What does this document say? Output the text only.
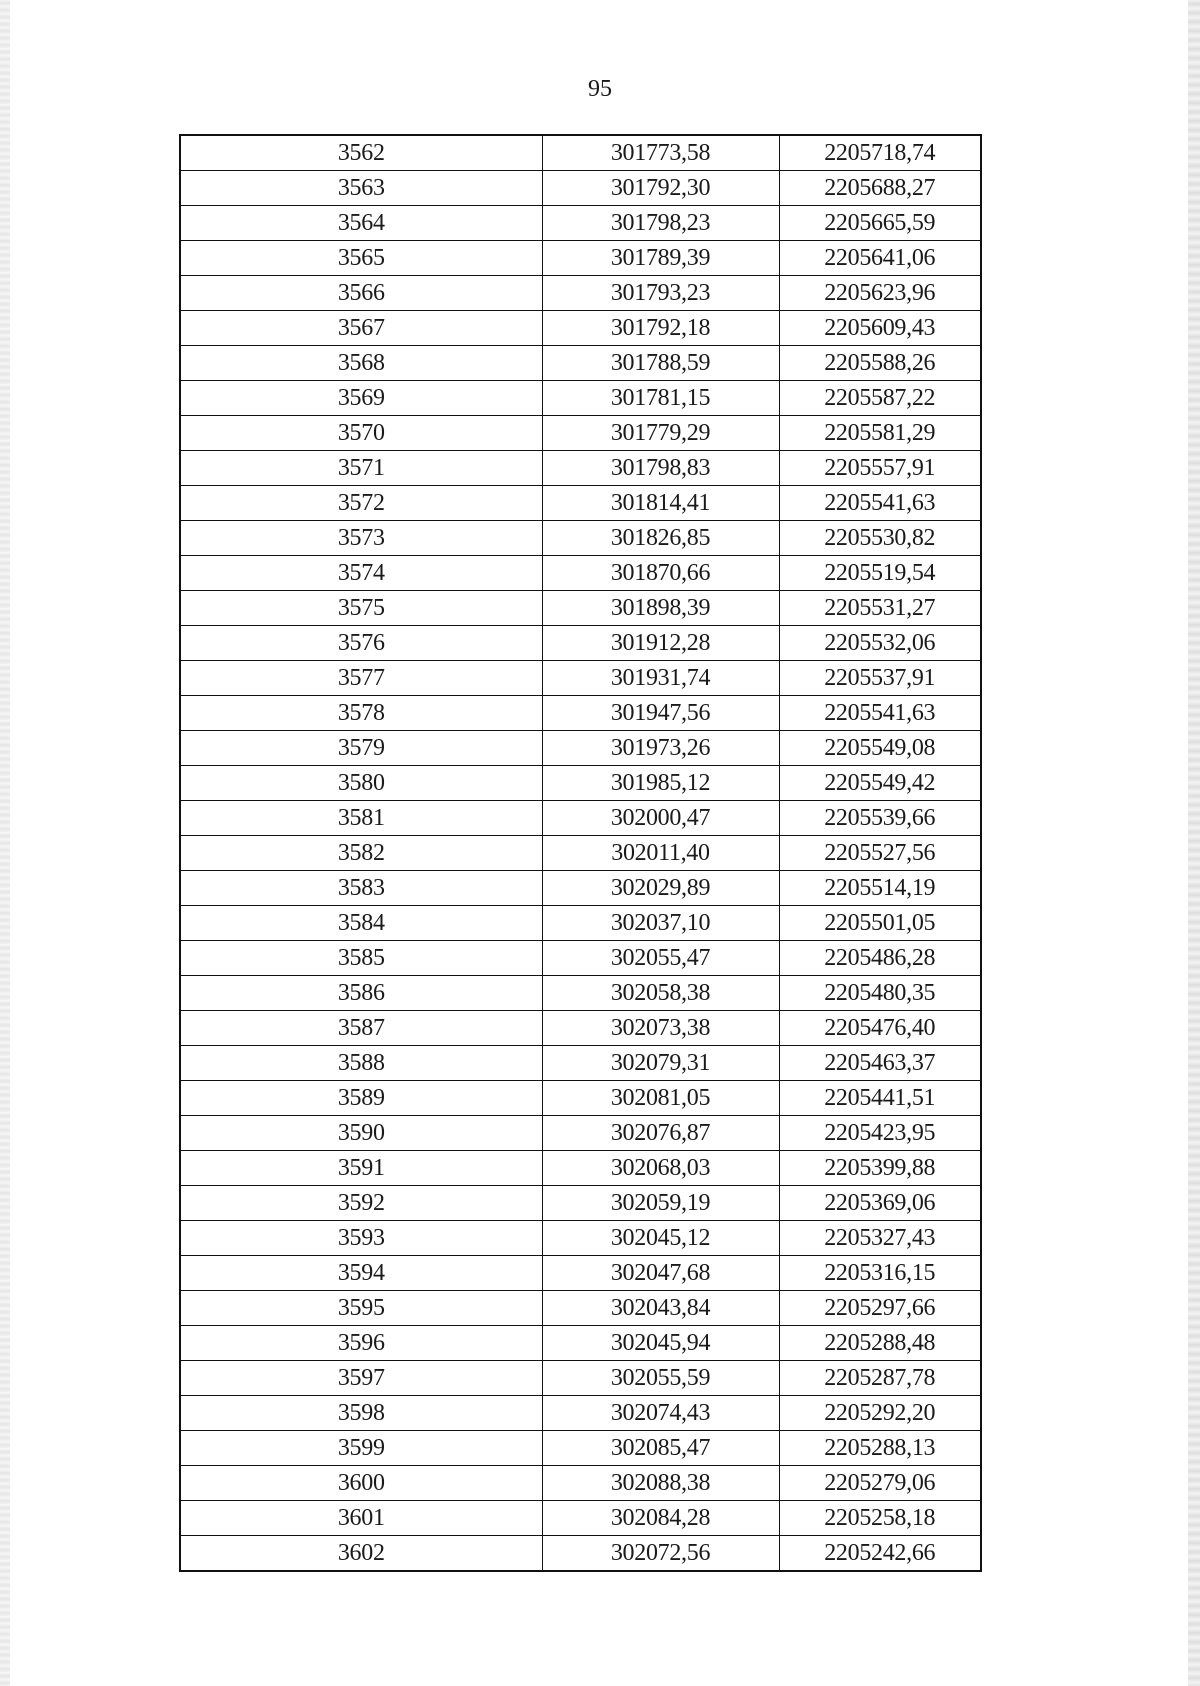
95
3562	301773,58	2205718,74
3563	301792,30	2205688,27
3564	301798,23	2205665,59
3565	301789,39	2205641,06
3566	301793,23	2205623,96
3567	301792,18	2205609,43
3568	301788,59	2205588,26
3569	301781,15	2205587,22
3570	301779,29	2205581,29
3571	301798,83	2205557,91
3572	301814,41	2205541,63
3573	301826,85	2205530,82
3574	301870,66	2205519,54
3575	301898,39	2205531,27
3576	301912,28	2205532,06
3577	301931,74	2205537,91
3578	301947,56	2205541,63
3579	301973,26	2205549,08
3580	301985,12	2205549,42
3581	302000,47	2205539,66
3582	302011,40	2205527,56
3583	302029,89	2205514,19
3584	302037,10	2205501,05
3585	302055,47	2205486,28
3586	302058,38	2205480,35
3587	302073,38	2205476,40
3588	302079,31	2205463,37
3589	302081,05	2205441,51
3590	302076,87	2205423,95
3591	302068,03	2205399,88
3592	302059,19	2205369,06
3593	302045,12	2205327,43
3594	302047,68	2205316,15
3595	302043,84	2205297,66
3596	302045,94	2205288,48
3597	302055,59	2205287,78
3598	302074,43	2205292,20
3599	302085,47	2205288,13
3600	302088,38	2205279,06
3601	302084,28	2205258,18
3602	302072,56	2205242,66
